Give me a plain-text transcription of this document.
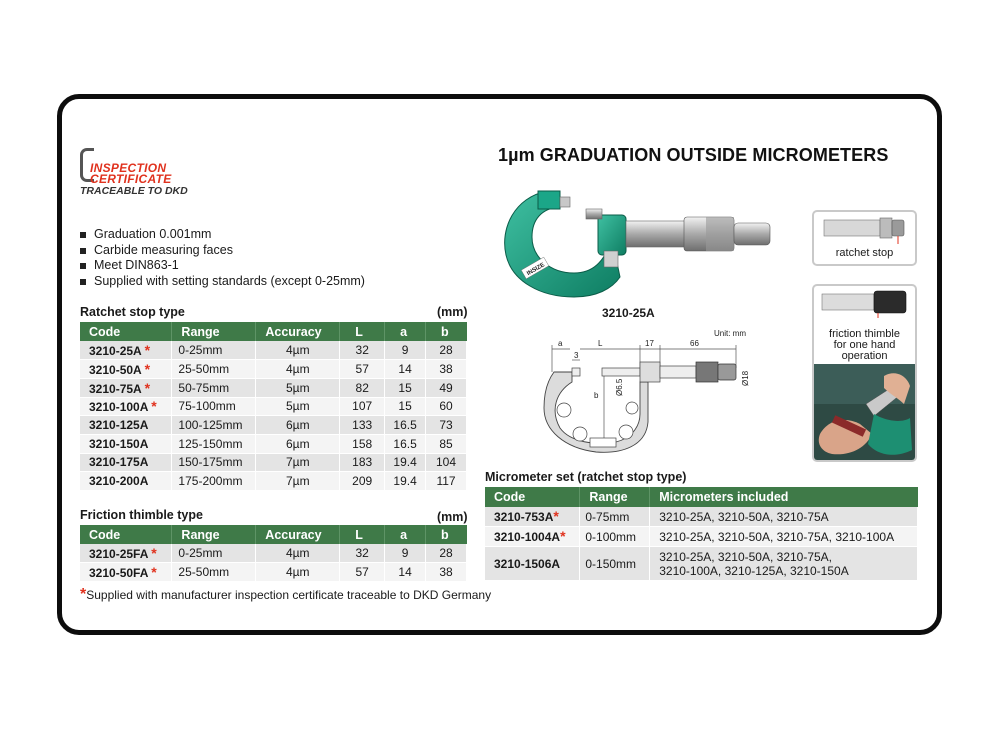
INSPECTION
CERTIFICATE
TRACEABLE TO DKD
1µm GRADUATION OUTSIDE MICROMETERS
Graduation 0.001mm
Carbide measuring faces
Meet DIN863-1
Supplied with setting standards (except 0-25mm)
Ratchet stop type	(mm)
Code	Range	Accuracy	L	a	b
3210-25A *	0-25mm	4µm	32	9	28
3210-50A *	25-50mm	4µm	57	14	38
3210-75A *	50-75mm	5µm	82	15	49
3210-100A *	75-100mm	5µm	107	15	60
3210-125A	100-125mm	6µm	133	16.5	73
3210-150A	125-150mm	6µm	158	16.5	85
3210-175A	150-175mm	7µm	183	19.4	104
3210-200A	175-200mm	7µm	209	19.4	117
Friction thimble type	(mm)
Code	Range	Accuracy	L	a	b
3210-25FA *	0-25mm	4µm	32	9	28
3210-50FA *	25-50mm	4µm	57	14	38
*Supplied with manufacturer inspection certificate traceable to DKD Germany
INSIZE
3210-25A
a
3
L	17	66
Unit: mm
b Ø6.5
Ø18
ratchet stop
friction thimble
for one hand
operation
Micrometer set (ratchet stop type)
Code	Range	Micrometers included
3210-753A*	0-75mm	3210-25A, 3210-50A, 3210-75A
3210-1004A*	0-100mm	3210-25A, 3210-50A, 3210-75A, 3210-100A
3210-1506A	0-150mm	3210-25A, 3210-50A, 3210-75A,
3210-100A, 3210-125A, 3210-150A
